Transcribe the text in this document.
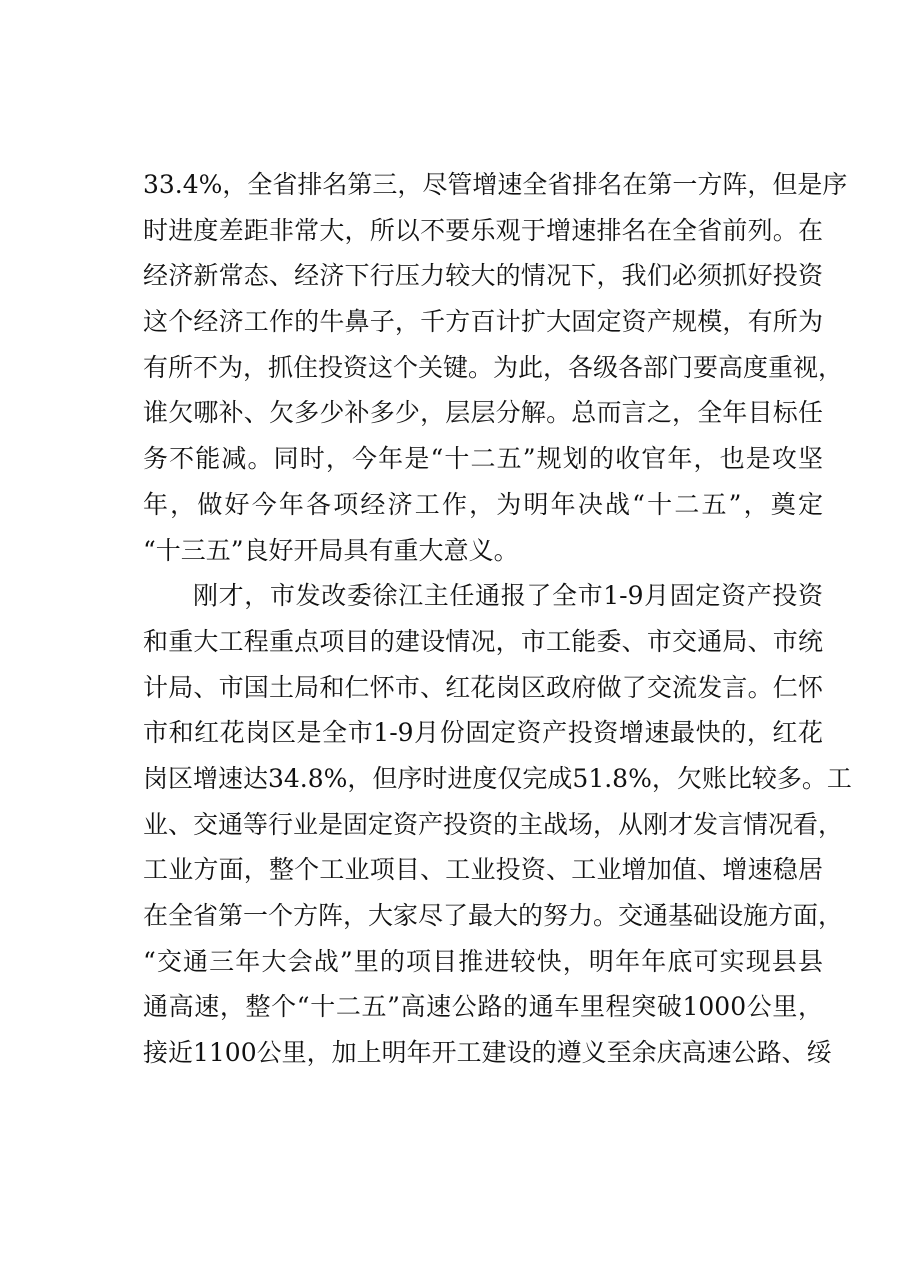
33.4%，全省排名第三，尽管增速全省排名在第一方阵，但是序
时进度差距非常大，所以不要乐观于增速排名在全省前列。在
经济新常态、经济下行压力较大的情况下，我们必须抓好投资
这个经济工作的牛鼻子，千方百计扩大固定资产规模，有所为
有所不为，抓住投资这个关键。为此，各级各部门要高度重视，
谁欠哪补、欠多少补多少，层层分解。总而言之，全年目标任
务不能减。同时，今年是“十二五”规划的收官年，也是攻坚
年，做好今年各项经济工作，为明年决战“十二五”，奠定
“十三五”良好开局具有重大意义。
刚才，市发改委徐江主任通报了全市1-9月固定资产投资
和重大工程重点项目的建设情况，市工能委、市交通局、市统
计局、市国土局和仁怀市、红花岗区政府做了交流发言。仁怀
市和红花岗区是全市1-9月份固定资产投资增速最快的，红花
岗区增速达34.8%，但序时进度仅完成51.8%，欠账比较多。工
业、交通等行业是固定资产投资的主战场，从刚才发言情况看，
工业方面，整个工业项目、工业投资、工业增加值、增速稳居
在全省第一个方阵，大家尽了最大的努力。交通基础设施方面，
“交通三年大会战”里的项目推进较快，明年年底可实现县县
通高速，整个“十二五”高速公路的通车里程突破1000公里，
接近1100公里，加上明年开工建设的遵义至余庆高速公路、绥
